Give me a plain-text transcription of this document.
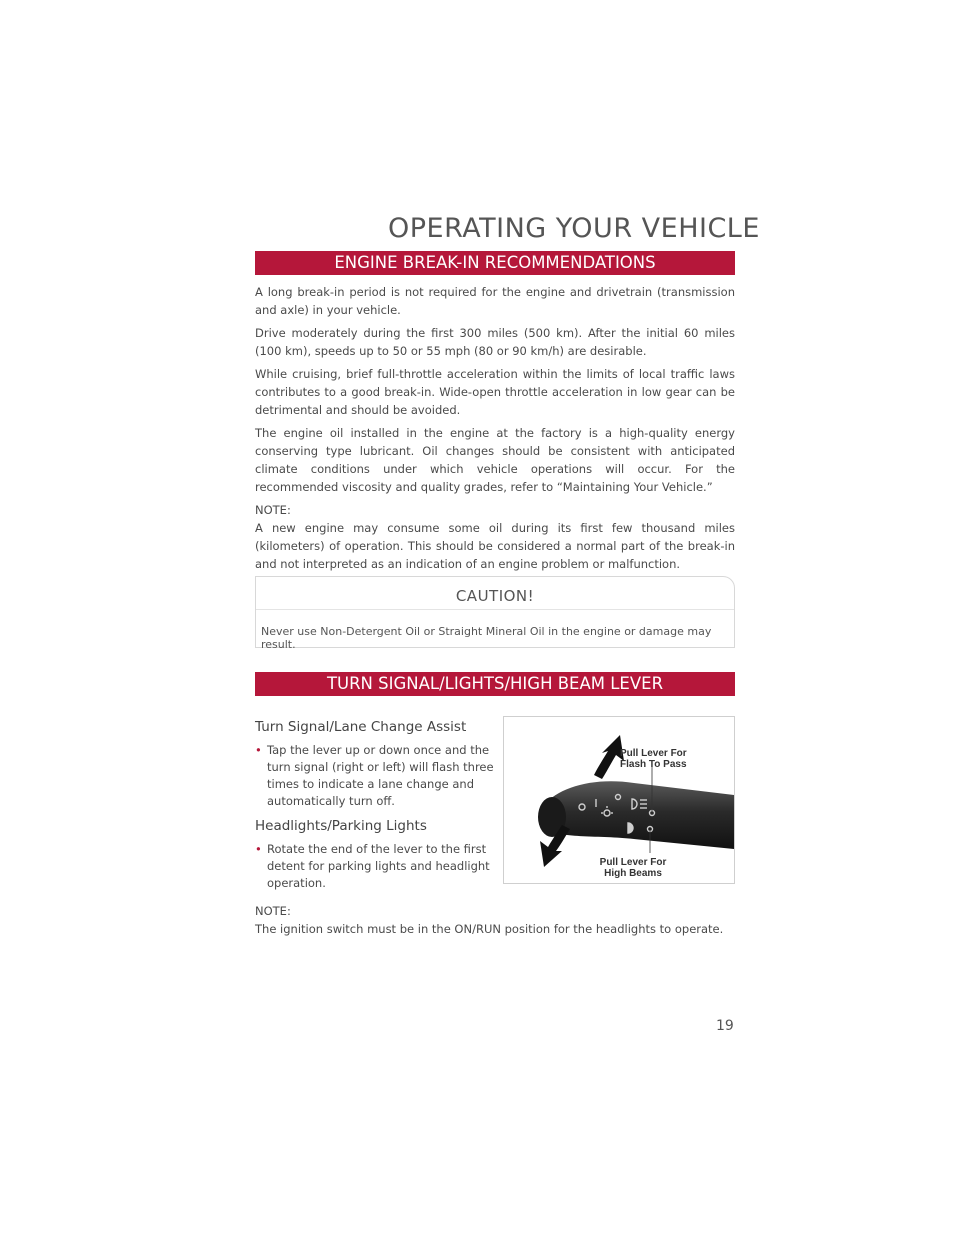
OPERATING YOUR VEHICLE
ENGINE BREAK-IN RECOMMENDATIONS

A long break-in period is not required for the engine and drivetrain (transmission and axle) in your vehicle.

Drive moderately during the first 300 miles (500 km). After the initial 60 miles (100 km), speeds up to 50 or 55 mph (80 or 90 km/h) are desirable.

While cruising, brief full-throttle acceleration within the limits of local traffic laws contributes to a good break-in. Wide-open throttle acceleration in low gear can be detrimental and should be avoided.

The engine oil installed in the engine at the factory is a high-quality energy conserving type lubricant. Oil changes should be consistent with anticipated climate conditions under which vehicle operations will occur. For the recommended viscosity and quality grades, refer to “Maintaining Your Vehicle.”

NOTE:

A new engine may consume some oil during its first few thousand miles (kilometers) of operation. This should be considered a normal part of the break-in and not interpreted as an indication of an engine problem or malfunction.

CAUTION!
Never use Non-Detergent Oil or Straight Mineral Oil in the engine or damage may result.
TURN SIGNAL/LIGHTS/HIGH BEAM LEVER
Turn Signal/Lane Change Assist
• Tap the lever up or down once and the turn signal (right or left) will flash three times to indicate a lane change and automatically turn off.
Headlights/Parking Lights
• Rotate the end of the lever to the first detent for parking lights and headlight operation.
Pull Lever For
Flash To Pass
Pull Lever For
High Beams
NOTE:
The ignition switch must be in the ON/RUN position for the headlights to operate.
19
